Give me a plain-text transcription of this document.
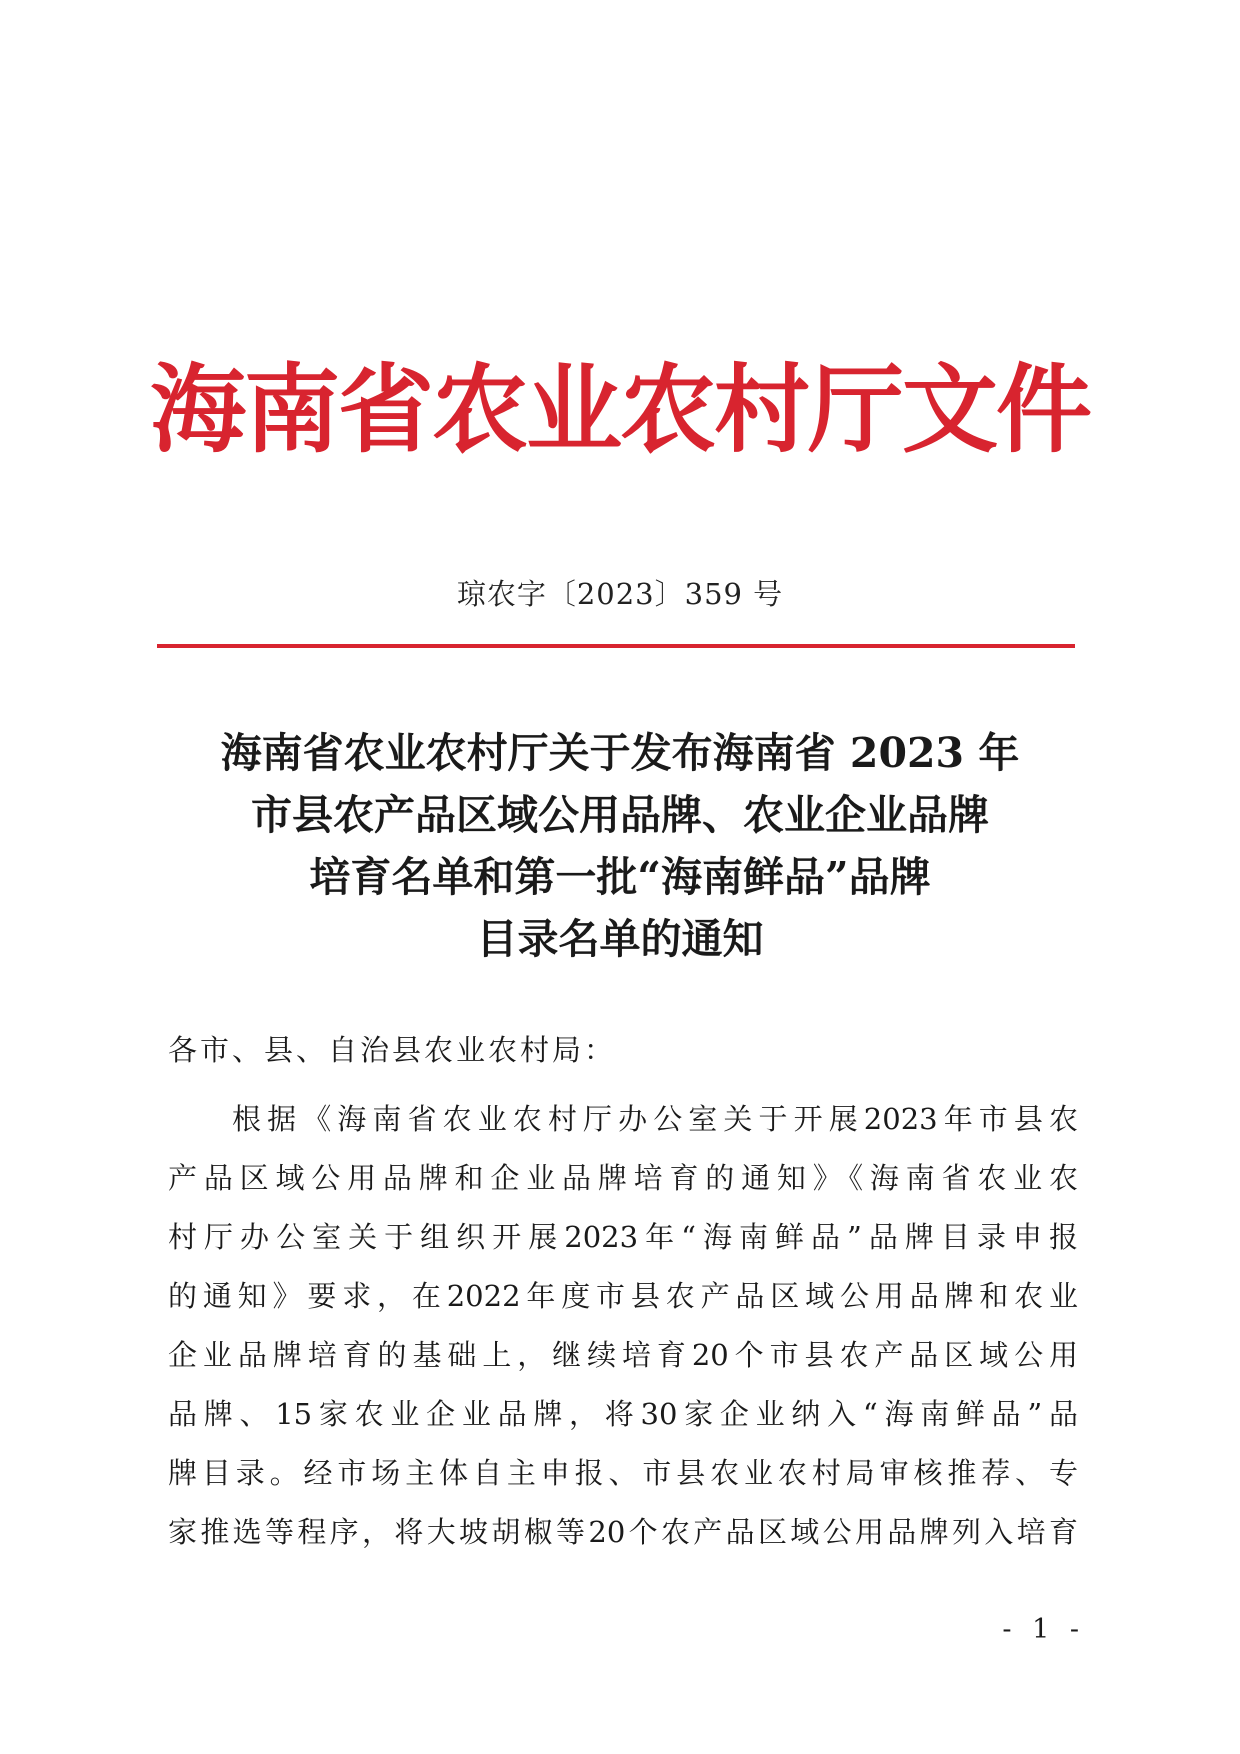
海南省农业农村厅文件
琼农字〔2023〕359 号
海南省农业农村厅关于发布海南省 2023 年
市县农产品区域公用品牌、农业企业品牌
培育名单和第一批“海南鲜品”品牌
目录名单的通知
各市、县、自治县农业农村局：
根据《海南省农业农村厅办公室关于开展2023年市县农
产品区域公用品牌和企业品牌培育的通知》《海南省农业农
村厅办公室关于组织开展2023年“海南鲜品”品牌目录申报
的通知》要求，在2022年度市县农产品区域公用品牌和农业
企业品牌培育的基础上，继续培育20个市县农产品区域公用
品牌、15家农业企业品牌，将30家企业纳入“海南鲜品”品
牌目录。经市场主体自主申报、市县农业农村局审核推荐、专
家推选等程序，将大坡胡椒等20个农产品区域公用品牌列入培育
- 1 -
